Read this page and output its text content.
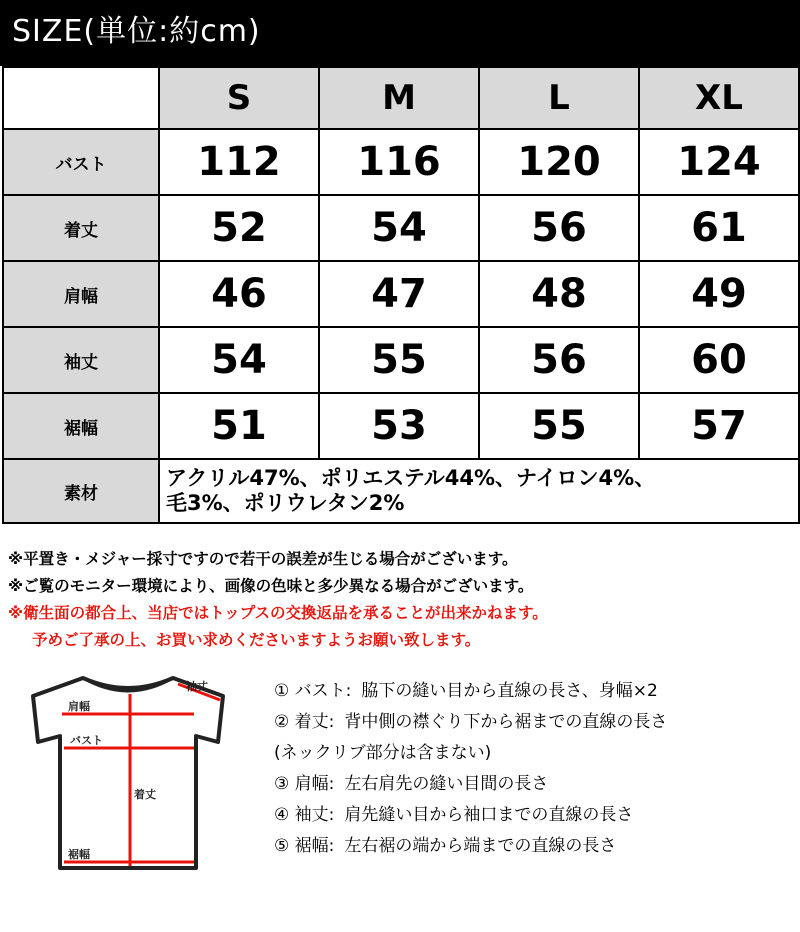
SIZE(単位:約cm)
	S	M	L	XL
バスト	112	116	120	124
着丈	52	54	56	61
肩幅	46	47	48	49
袖丈	54	55	56	60
裾幅	51	53	55	57
素材	アクリル47%、ポリエステル44%、ナイロン4%、
毛3%、ポリウレタン2%			
※平置き・メジャー採寸ですので若干の誤差が生じる場合がございます。
※ご覧のモニター環境により、画像の色味と多少異なる場合がございます。
※衛生面の都合上、当店ではトップスの交換返品を承ることが出来かねます。
予めご了承の上、お買い求めくださいますようお願い致します。
肩幅
袖丈
バスト
着丈
裾幅
① バスト: 脇下の縫い目から直線の長さ、身幅×2
② 着丈: 背中側の襟ぐり下から裾までの直線の長さ
(ネックリブ部分は含まない)
③ 肩幅: 左右肩先の縫い目間の長さ
④ 袖丈: 肩先縫い目から袖口までの直線の長さ
⑤ 裾幅: 左右裾の端から端までの直線の長さ
